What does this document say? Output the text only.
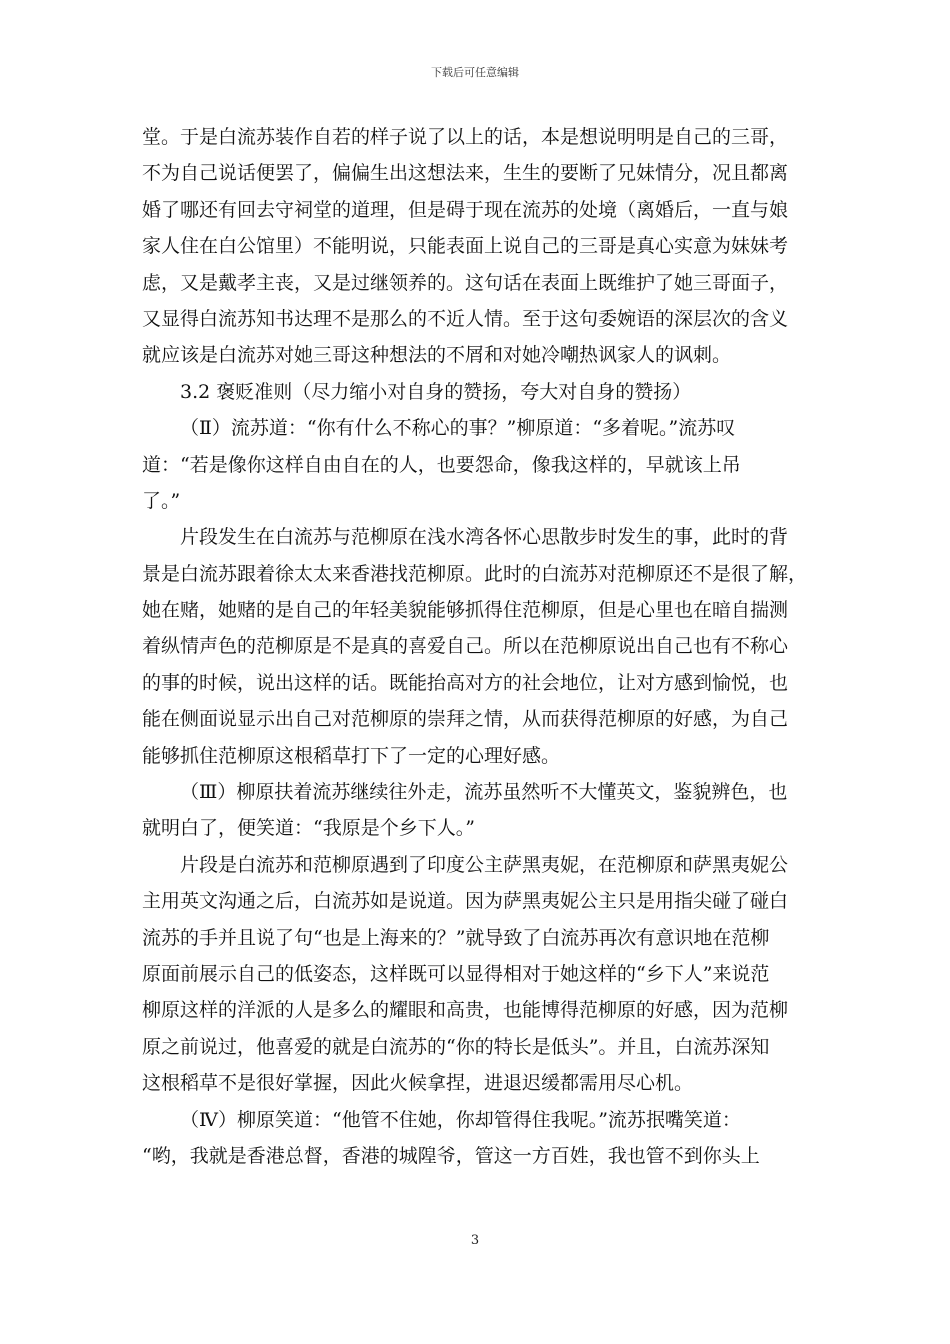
下载后可任意编辑
堂。于是白流苏装作自若的样子说了以上的话，本是想说明明是自己的三哥，
不为自己说话便罢了，偏偏生出这想法来，生生的要断了兄妹情分，况且都离
婚了哪还有回去守祠堂的道理，但是碍于现在流苏的处境（离婚后，一直与娘
家人住在白公馆里）不能明说，只能表面上说自己的三哥是真心实意为妹妹考
虑，又是戴孝主丧，又是过继领养的。这句话在表面上既维护了她三哥面子，
又显得白流苏知书达理不是那么的不近人情。至于这句委婉语的深层次的含义
就应该是白流苏对她三哥这种想法的不屑和对她冷嘲热讽家人的讽刺。
3.2 褒贬准则（尽力缩小对自身的赞扬，夸大对自身的赞扬）
（Ⅱ）流苏道：“你有什么不称心的事？”柳原道：“多着呢。”流苏叹
道：“若是像你这样自由自在的人，也要怨命，像我这样的，早就该上吊
了。”
片段发生在白流苏与范柳原在浅水湾各怀心思散步时发生的事，此时的背
景是白流苏跟着徐太太来香港找范柳原。此时的白流苏对范柳原还不是很了解，
她在赌，她赌的是自己的年轻美貌能够抓得住范柳原，但是心里也在暗自揣测
着纵情声色的范柳原是不是真的喜爱自己。所以在范柳原说出自己也有不称心
的事的时候，说出这样的话。既能抬高对方的社会地位，让对方感到愉悦，也
能在侧面说显示出自己对范柳原的崇拜之情，从而获得范柳原的好感，为自己
能够抓住范柳原这根稻草打下了一定的心理好感。
（Ⅲ）柳原扶着流苏继续往外走，流苏虽然听不大懂英文，鉴貌辨色，也
就明白了，便笑道：“我原是个乡下人。”
片段是白流苏和范柳原遇到了印度公主萨黑夷妮，在范柳原和萨黑夷妮公
主用英文沟通之后，白流苏如是说道。因为萨黑夷妮公主只是用指尖碰了碰白
流苏的手并且说了句“也是上海来的？”就导致了白流苏再次有意识地在范柳
原面前展示自己的低姿态，这样既可以显得相对于她这样的“乡下人”来说范
柳原这样的洋派的人是多么的耀眼和高贵，也能博得范柳原的好感，因为范柳
原之前说过，他喜爱的就是白流苏的“你的特长是低头”。并且，白流苏深知
这根稻草不是很好掌握，因此火候拿捏，进退迟缓都需用尽心机。
（Ⅳ）柳原笑道：“他管不住她，你却管得住我呢。”流苏抿嘴笑道：
“哟，我就是香港总督，香港的城隍爷，管这一方百姓，我也管不到你头上
3
